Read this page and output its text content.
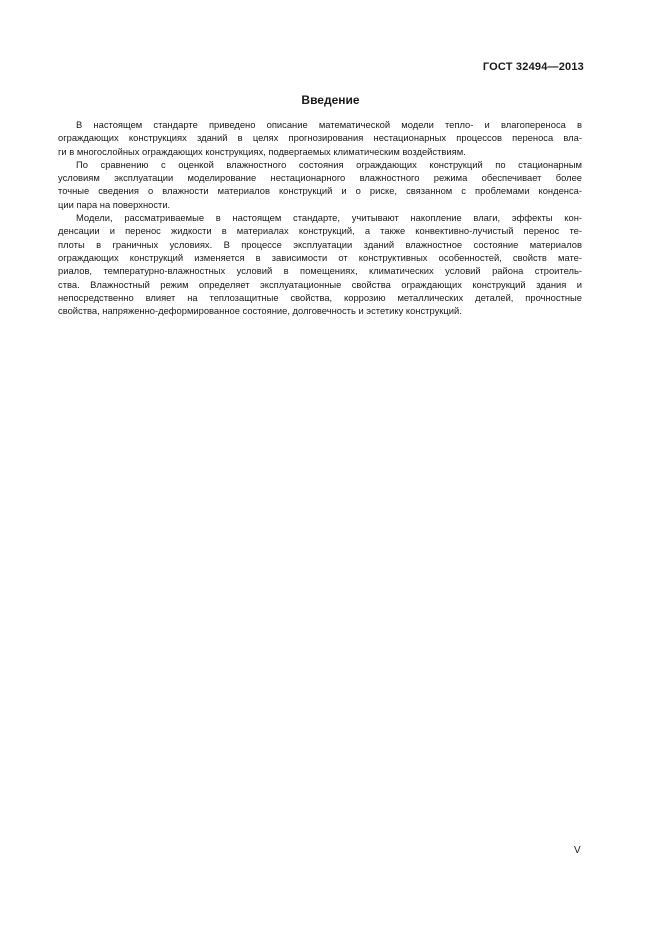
ГОСТ 32494—2013
Введение
В настоящем стандарте приведено описание математической модели тепло- и влагопереноса в
ограждающих конструкциях зданий в целях прогнозирования нестационарных процессов переноса вла-
ги в многослойных ограждающих конструкциях, подвергаемых климатическим воздействиям.
По сравнению с оценкой влажностного состояния ограждающих конструкций по стационарным
условиям эксплуатации моделирование нестационарного влажностного режима обеспечивает более
точные сведения о влажности материалов конструкций и о риске, связанном с проблемами конденса-
ции пара на поверхности.
Модели, рассматриваемые в настоящем стандарте, учитывают накопление влаги, эффекты кон-
денсации и перенос жидкости в материалах конструкций, а также конвективно-лучистый перенос те-
плоты в граничных условиях. В процессе эксплуатации зданий влажностное состояние материалов
ограждающих конструкций изменяется в зависимости от конструктивных особенностей, свойств мате-
риалов, температурно-влажностных условий в помещениях, климатических условий района строитель-
ства. Влажностный режим определяет эксплуатационные свойства ограждающих конструкций здания и
непосредственно влияет на теплозащитные свойства, коррозию металлических деталей, прочностные
свойства, напряженно-деформированное состояние, долговечность и эстетику конструкций.
V
